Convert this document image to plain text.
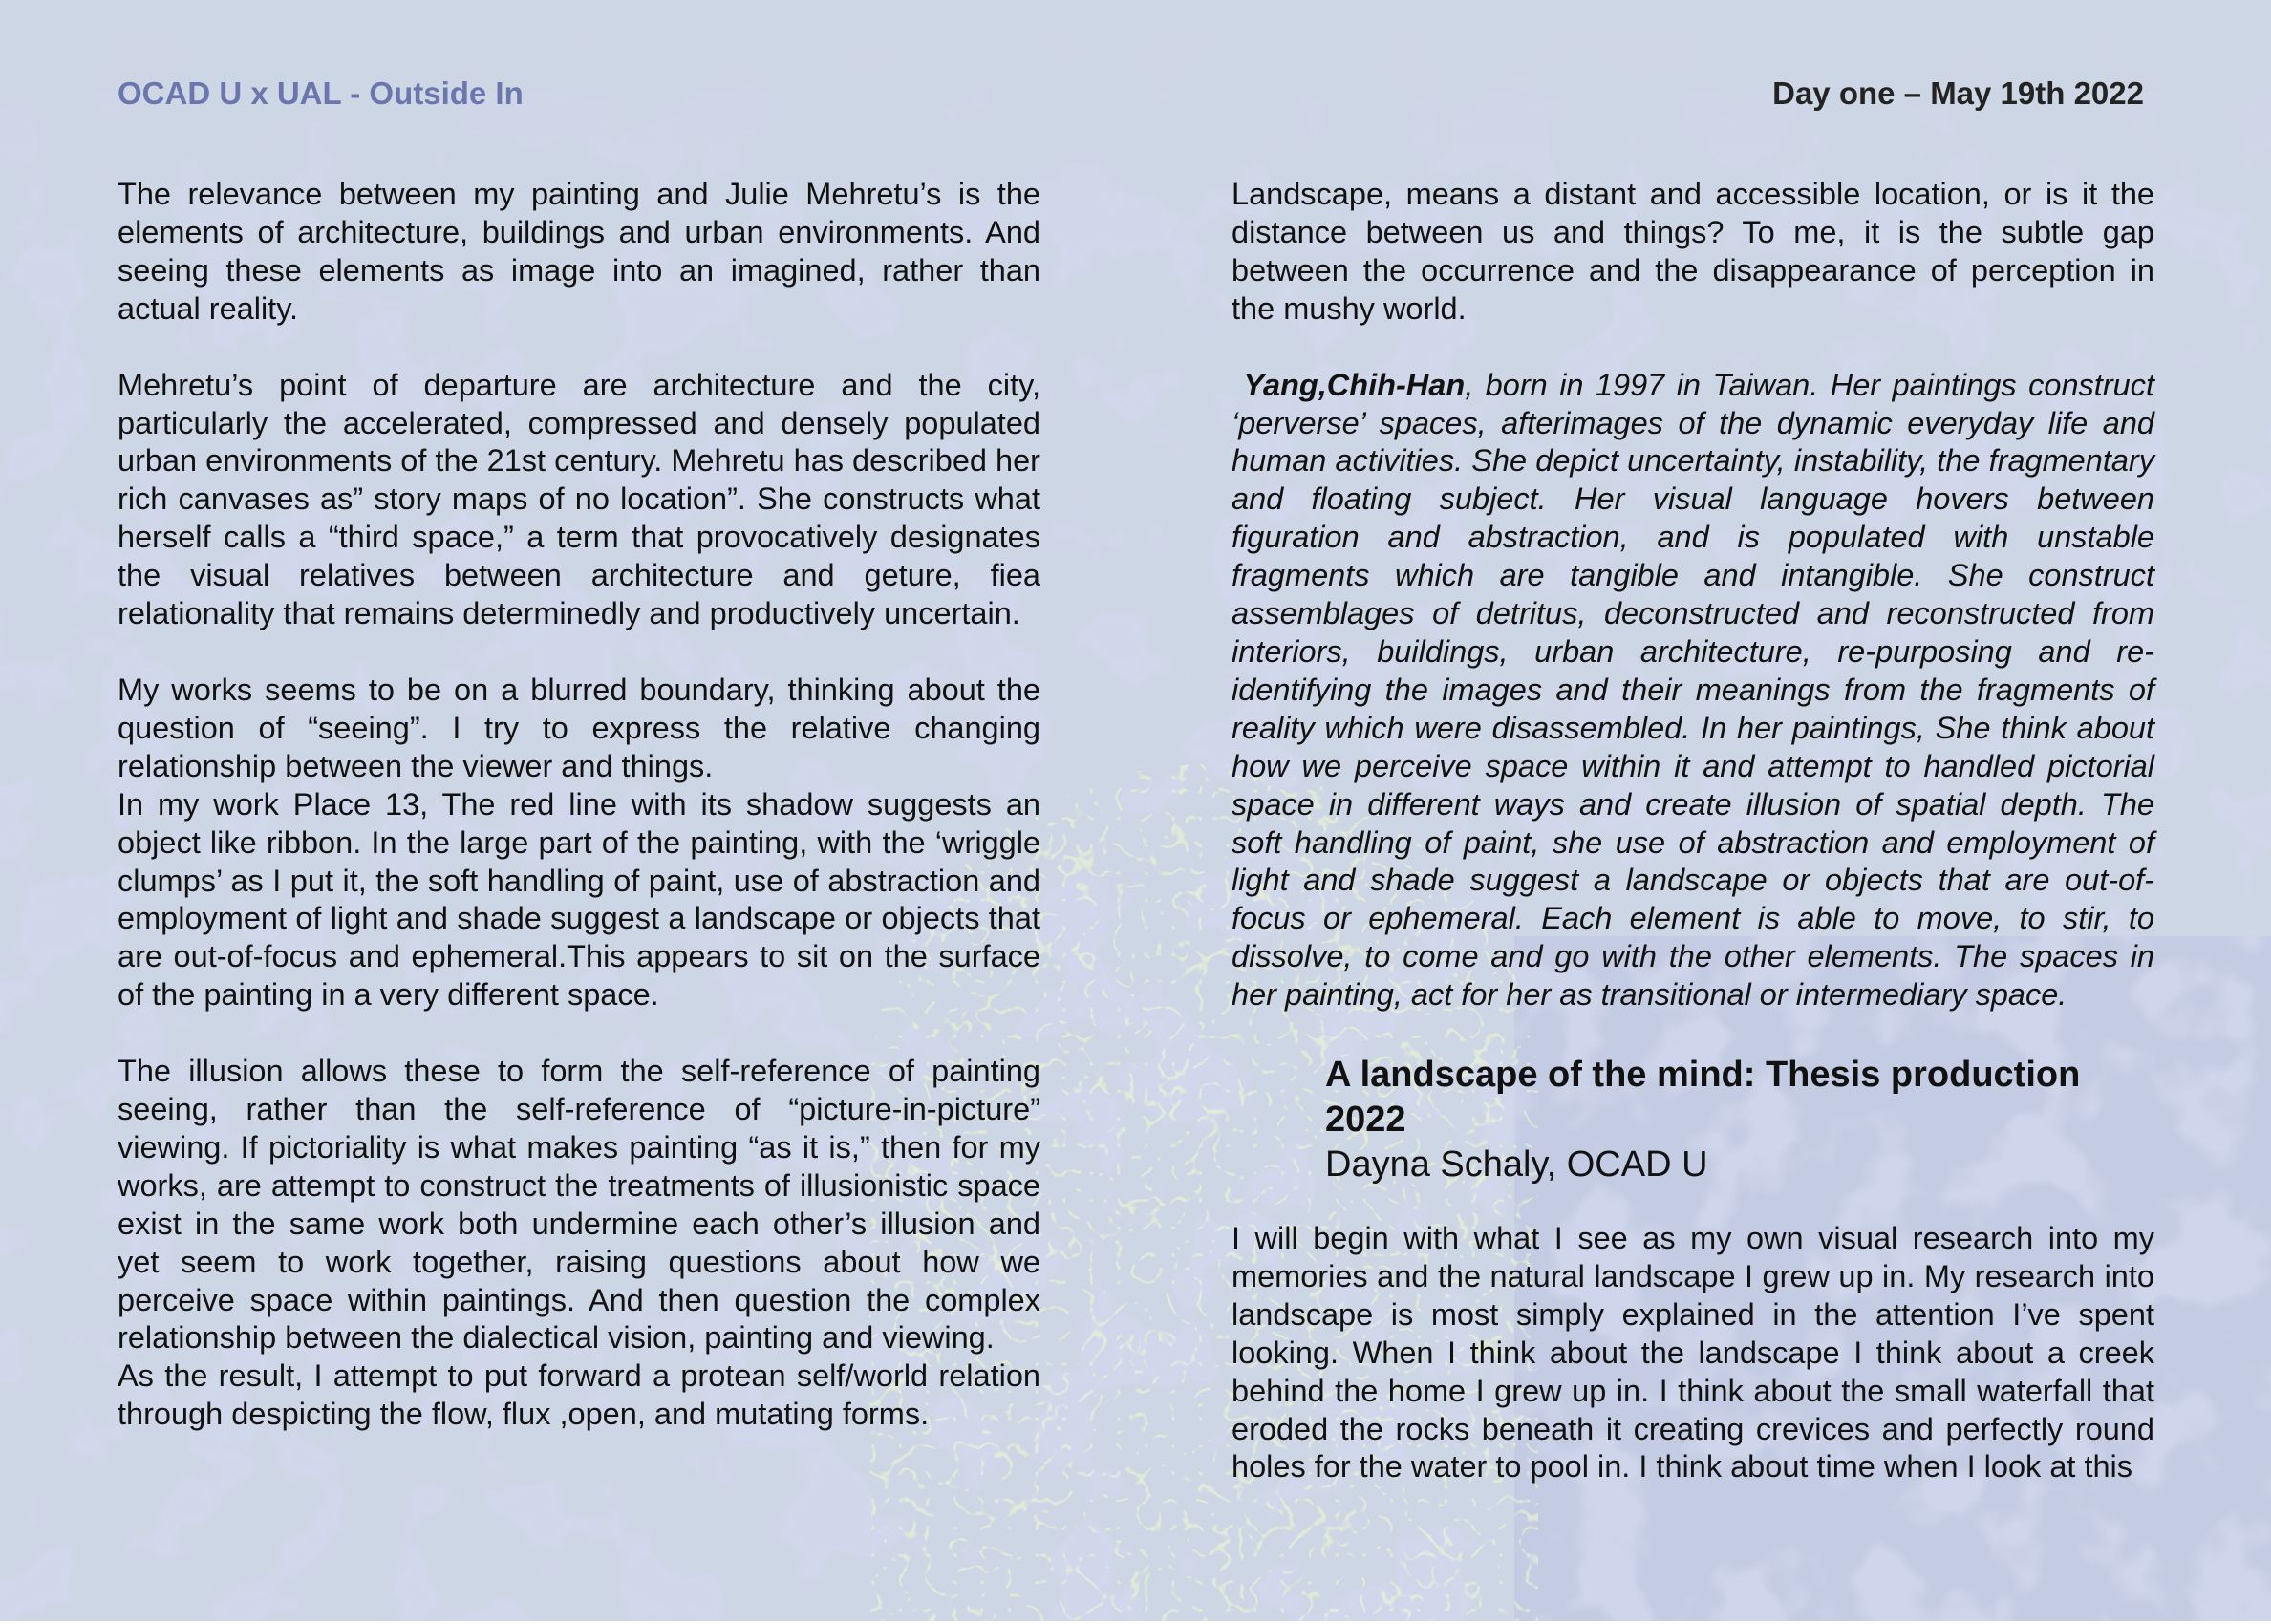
OCAD U x UAL - Outside In	Day one – May 19th 2022

The relevance between my painting and Julie Mehretu’s is the elements of architecture, buildings and urban environments. And seeing these elements as image into an imagined, rather than actual reality.

Mehretu’s point of departure are architecture and the city, particularly the accelerated, compressed and densely populated urban environments of the 21st century. Mehretu has described her rich canvases as” story maps of no location”. She constructs what herself calls a “third space,” a term that provocatively designates the visual relatives between architecture and geture, fiea relationality that remains determinedly and productively uncertain.

My works seems to be on a blurred boundary, thinking about the question of “seeing”. I try to express the relative changing relationship between the viewer and things.

In my work Place 13, The red line with its shadow suggests an object like ribbon. In the large part of the painting, with the ‘wriggle clumps’ as I put it, the soft handling of paint, use of abstraction and employment of light and shade suggest a landscape or objects that are out-of-focus and ephemeral.This appears to sit on the surface of the painting in a very different space.

The illusion allows these to form the self-reference of painting seeing, rather than the self-reference of “picture-in-picture” viewing. If pictoriality is what makes painting “as it is,” then for my works, are attempt to construct the treatments of illusionistic space exist in the same work both undermine each other’s illusion and yet seem to work together, raising questions about how we perceive space within paintings. And then question the complex relationship between the dialectical vision, painting and viewing.

As the result, I attempt to put forward a protean self/world relation through despicting the flow, flux ,open, and mutating forms.

Landscape, means a distant and accessible location, or is it the distance between us and things? To me, it is the subtle gap between the occurrence and the disappearance of perception in the mushy world.

Yang,Chih-Han, born in 1997 in Taiwan. Her paintings construct ‘perverse’ spaces, afterimages of the dynamic everyday life and human activities. She depict uncertainty, instability, the fragmentary and floating subject. Her visual language hovers between figuration and abstraction, and is populated with unstable fragments which are tangible and intangible. She construct assemblages of detritus, deconstructed and reconstructed from interiors, buildings, urban architecture, re-purposing and re-identifying the images and their meanings from the fragments of reality which were disassembled. In her paintings, She think about how we perceive space within it and attempt to handled pictorial space in different ways and create illusion of spatial depth. The soft handling of paint, she use of abstraction and employment of light and shade suggest a landscape or objects that are out-of-focus or ephemeral. Each element is able to move, to stir, to dissolve, to come and go with the other elements. The spaces in her painting, act for her as transitional or intermediary space.

A landscape of the mind: Thesis production 2022
Dayna Schaly, OCAD U

I will begin with what I see as my own visual research into my memories and the natural landscape I grew up in. My research into landscape is most simply explained in the attention I’ve spent looking. When I think about the landscape I think about a creek behind the home I grew up in. I think about the small waterfall that eroded the rocks beneath it creating crevices and perfectly round holes for the water to pool in. I think about time when I look at this
